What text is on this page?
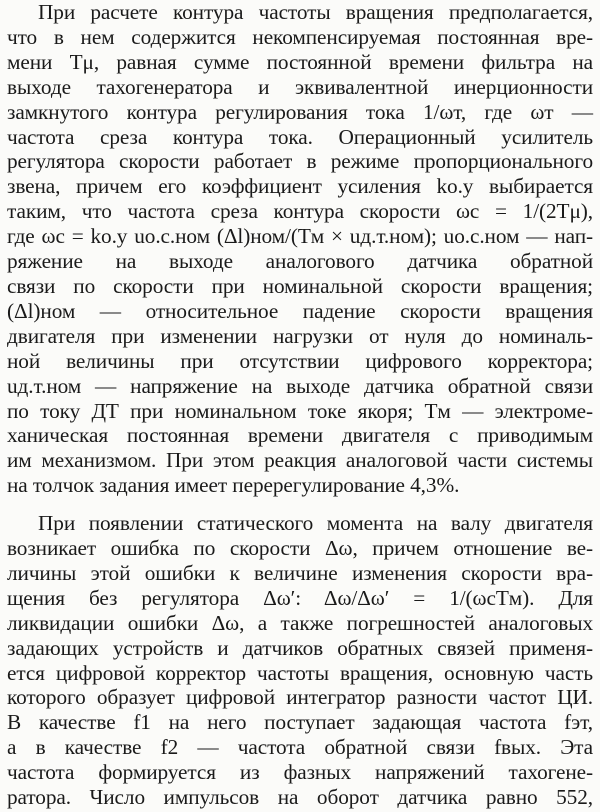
При расчете контура частоты вращения предполагается,
что в нем содержится некомпенсируемая постоянная вре-
мени Tμ, равная сумме постоянной времени фильтра на
выходе тахогенератора и эквивалентной инерционности
замкнутого контура регулирования тока 1/ωт, где ωт —
частота среза контура тока. Операционный усилитель
регулятора скорости работает в режиме пропорционального
звена, причем его коэффициент усиления kо.у выбирается
таким, что частота среза контура скорости ωс = 1/(2Tμ),
где ωс = kо.у uо.с.ном (Δl)ном/(Tм × uд.т.ном); uо.с.ном — нап-
ряжение на выходе аналогового датчика обратной
связи по скорости при номинальной скорости вращения;
(Δl)ном — относительное падение скорости вращения
двигателя при изменении нагрузки от нуля до номиналь-
ной величины при отсутствии цифрового корректора;
uд.т.ном — напряжение на выходе датчика обратной связи
по току ДТ при номинальном токе якоря; Tм — электроме-
ханическая постоянная времени двигателя с приводимым
им механизмом. При этом реакция аналоговой части системы
на толчок задания имеет перерегулирование 4,3%.
При появлении статического момента на валу двигателя
возникает ошибка по скорости Δω, причем отношение ве-
личины этой ошибки к величине изменения скорости вра-
щения без регулятора Δω′: Δω/Δω′ = 1/(ωсTм). Для
ликвидации ошибки Δω, а также погрешностей аналоговых
задающих устройств и датчиков обратных связей применя-
ется цифровой корректор частоты вращения, основную часть
которого образует цифровой интегратор разности частот ЦИ.
В качестве f1 на него поступает задающая частота fэт,
а в качестве f2 — частота обратной связи fвых. Эта
частота формируется из фазных напряжений тахогене-
ратора. Число импульсов на оборот датчика равно 552,
